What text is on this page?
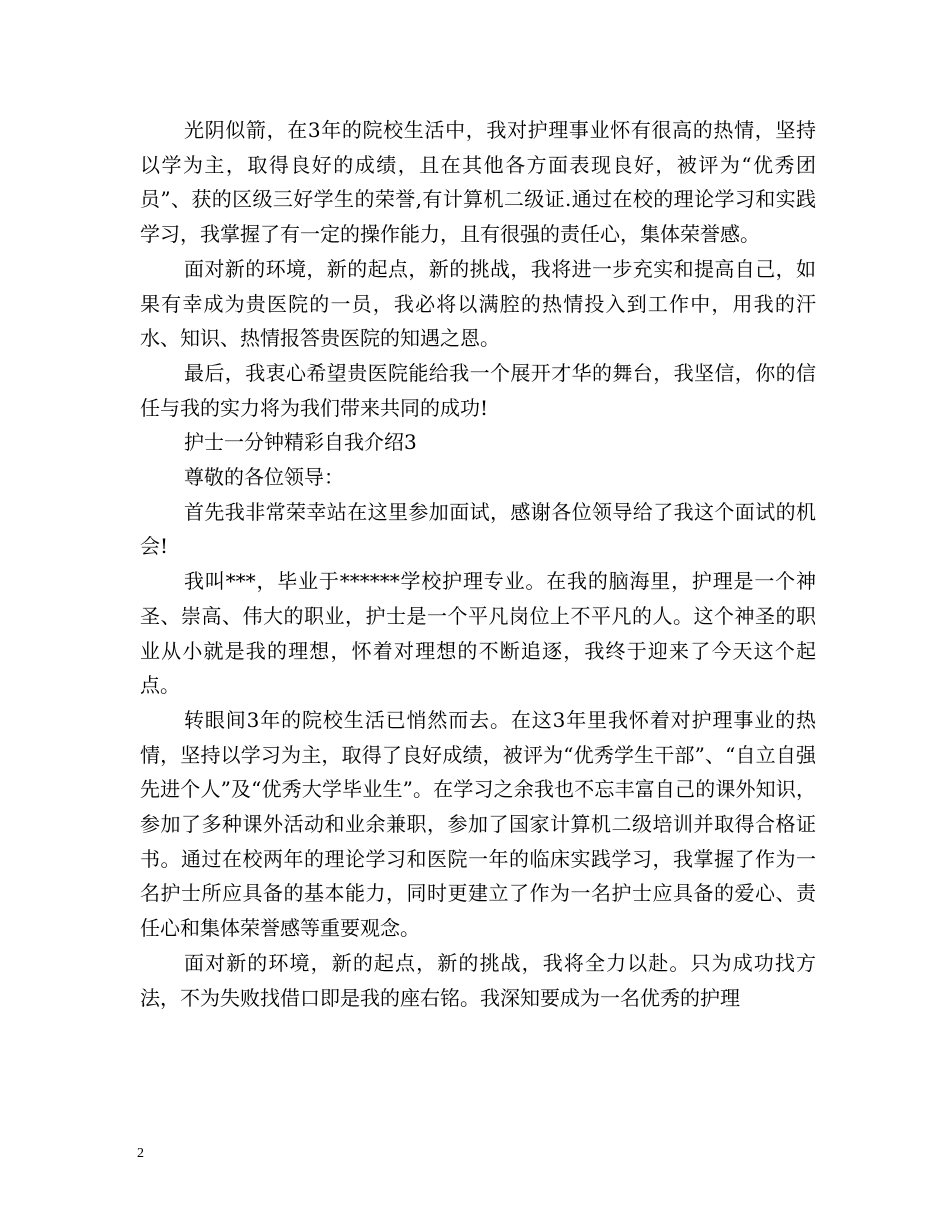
光阴似箭，在3年的院校生活中，我对护理事业怀有很高的热情，坚持以学为主，取得良好的成绩，且在其他各方面表现良好，被评为“优秀团员”、获的区级三好学生的荣誉,有计算机二级证.通过在校的理论学习和实践学习，我掌握了有一定的操作能力，且有很强的责任心，集体荣誉感。

面对新的环境，新的起点，新的挑战，我将进一步充实和提高自己，如果有幸成为贵医院的一员，我必将以满腔的热情投入到工作中，用我的汗水、知识、热情报答贵医院的知遇之恩。

最后，我衷心希望贵医院能给我一个展开才华的舞台，我坚信，你的信任与我的实力将为我们带来共同的成功!

护士一分钟精彩自我介绍3

尊敬的各位领导：

首先我非常荣幸站在这里参加面试，感谢各位领导给了我这个面试的机会!

我叫***，毕业于******学校护理专业。在我的脑海里，护理是一个神圣、崇高、伟大的职业，护士是一个平凡岗位上不平凡的人。这个神圣的职业从小就是我的理想，怀着对理想的不断追逐，我终于迎来了今天这个起点。

转眼间3年的院校生活已悄然而去。在这3年里我怀着对护理事业的热情，坚持以学习为主，取得了良好成绩，被评为“优秀学生干部”、“自立自强先进个人”及“优秀大学毕业生”。在学习之余我也不忘丰富自己的课外知识，参加了多种课外活动和业余兼职，参加了国家计算机二级培训并取得合格证书。通过在校两年的理论学习和医院一年的临床实践学习，我掌握了作为一名护士所应具备的基本能力，同时更建立了作为一名护士应具备的爱心、责任心和集体荣誉感等重要观念。

面对新的环境，新的起点，新的挑战，我将全力以赴。只为成功找方法，不为失败找借口即是我的座右铭。我深知要成为一名优秀的护理

2
